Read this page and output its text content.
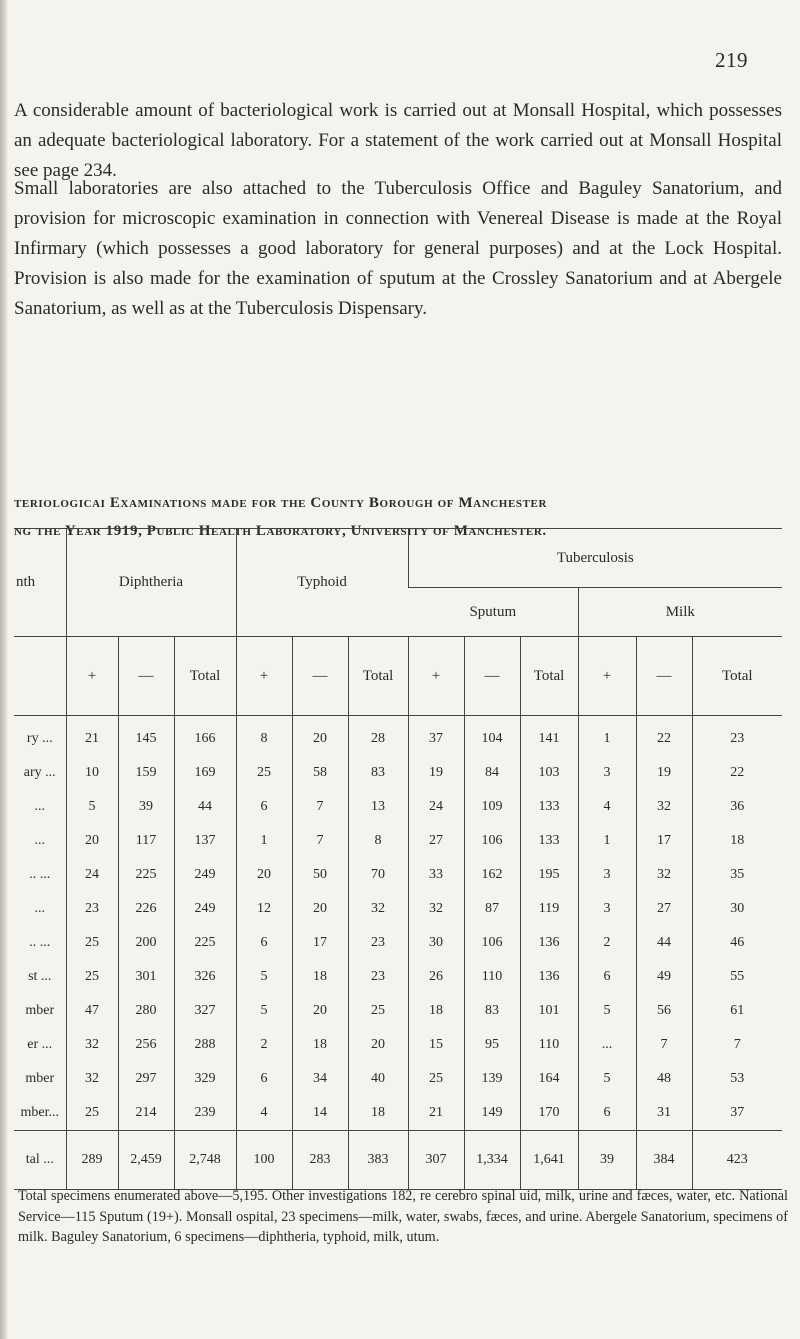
219

A considerable amount of bacteriological work is carried out at Monsall Hospital, which possesses an adequate bacteriological laboratory. For a statement of the work carried out at Monsall Hospital see page 234.

Small laboratories are also attached to the Tuberculosis Office and Baguley Sanatorium, and provision for microscopic examination in connection with Venereal Disease is made at the Royal Infirmary (which possesses a good laboratory for general purposes) and at the Lock Hospital. Provision is also made for the examination of sputum at the Crossley Sanatorium and at Abergele Sanatorium, as well as at the Tuberculosis Dispensary.

teriologicai Examinations made for the County Borough of Manchester
ng the Year 1919, Public Health Laboratory, University of Manchester.
nth	Diphtheria			Typhoid			Tuberculosis					
							Sputum			Milk		
	+	—	Total	+	—	Total	+	—	Total	+	—	Total
ry ...	21	145	166	8	20	28	37	104	141	1	22	23
ary ...	10	159	169	25	58	83	19	84	103	3	19	22
...	5	39	44	6	7	13	24	109	133	4	32	36
...	20	117	137	1	7	8	27	106	133	1	17	18
.. ...	24	225	249	20	50	70	33	162	195	3	32	35
...	23	226	249	12	20	32	32	87	119	3	27	30
.. ...	25	200	225	6	17	23	30	106	136	2	44	46
st ...	25	301	326	5	18	23	26	110	136	6	49	55
mber	47	280	327	5	20	25	18	83	101	5	56	61
er ...	32	256	288	2	18	20	15	95	110	...	7	7
mber	32	297	329	6	34	40	25	139	164	5	48	53
mber...	25	214	239	4	14	18	21	149	170	6	31	37
tal ...	289	2,459	2,748	100	283	383	307	1,334	1,641	39	384	423

Total specimens enumerated above—5,195. Other investigations 182, re cerebro spinal uid, milk, urine and fæces, water, etc. National Service—115 Sputum (19+). Monsall ospital, 23 specimens—milk, water, swabs, fæces, and urine. Abergele Sanatorium, specimens of milk. Baguley Sanatorium, 6 specimens—diphtheria, typhoid, milk, utum.
